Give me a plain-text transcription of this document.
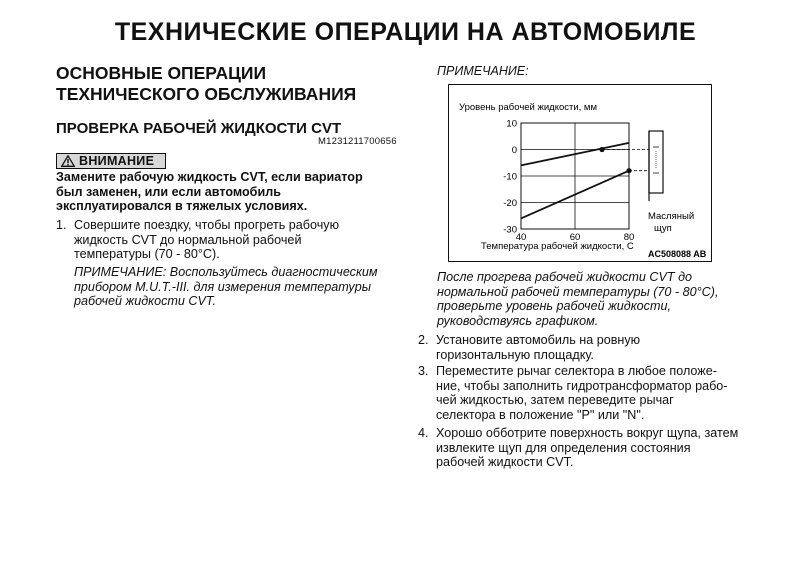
ТЕХНИЧЕСКИЕ ОПЕРАЦИИ НА АВТОМОБИЛЕ
ОСНОВНЫЕ ОПЕРАЦИИ
ТЕХНИЧЕСКОГО ОБСЛУЖИВАНИЯ
ПРОВЕРКА РАБОЧЕЙ ЖИДКОСТИ CVT
M1231211700656
ВНИМАНИЕ
Замените рабочую жидкость CVT, если вариатор
был заменен, или если автомобиль
эксплуатировался в тяжелых условиях.
1. Совершите поездку, чтобы прогреть рабочую
жидкость CVT до нормальной рабочей
температуры (70 - 80°C).
ПРИМЕЧАНИЕ: Воспользуйтесь диагностическим
прибором M.U.T.-III. для измерения температуры
рабочей жидкости CVT.
ПРИМЕЧАНИЕ:
Уровень рабочей жидкости, мм
Температура рабочей жидкости, С
10
0
-10
-20
-30
40	60	80
Масляный
щуп
AC508088 AB
После прогрева рабочей жидкости CVT до
нормальной рабочей температуры (70 - 80°C),
проверьте уровень рабочей жидкости,
руководствуясь графиком.
2. Установите автомобиль на ровную
горизонтальную площадку.
3. Переместите рычаг селектора в любое положе-
ние, чтобы заполнить гидротрансформатор рабо-
чей жидкостью, затем переведите рычаг
селектора в положение "P" или "N".
4. Хорошо обботрите поверхность вокруг щупа, затем
извлеките щуп для определения состояния
рабочей жидкости CVT.
